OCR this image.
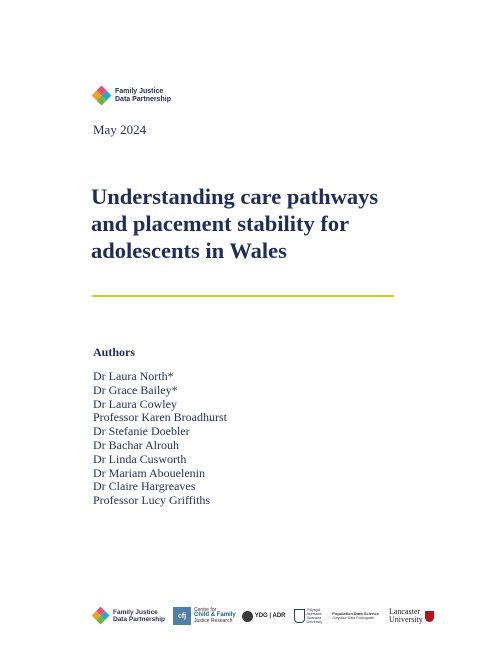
Family Justice
Data Partnership
May 2024
Understanding care pathways
and placement stability for
adolescents in Wales
Authors
Dr Laura North*
Dr Grace Bailey*
Dr Laura Cowley
Professor Karen Broadhurst
Dr Stefanie Doebler
Dr Bachar Alrouh
Dr Linda Cusworth
Dr Mariam Abouelenin
Dr Claire Hargreaves
Professor Lucy Griffiths
Family Justice
Data Partnership	cfj
Centre for
Child & Family
Justice Research
YDG | ADR
Prifysgol
Abertawe
Swansea
University
Population Data Science
Gwyddor Data Poblogaeth
Lancaster
University
